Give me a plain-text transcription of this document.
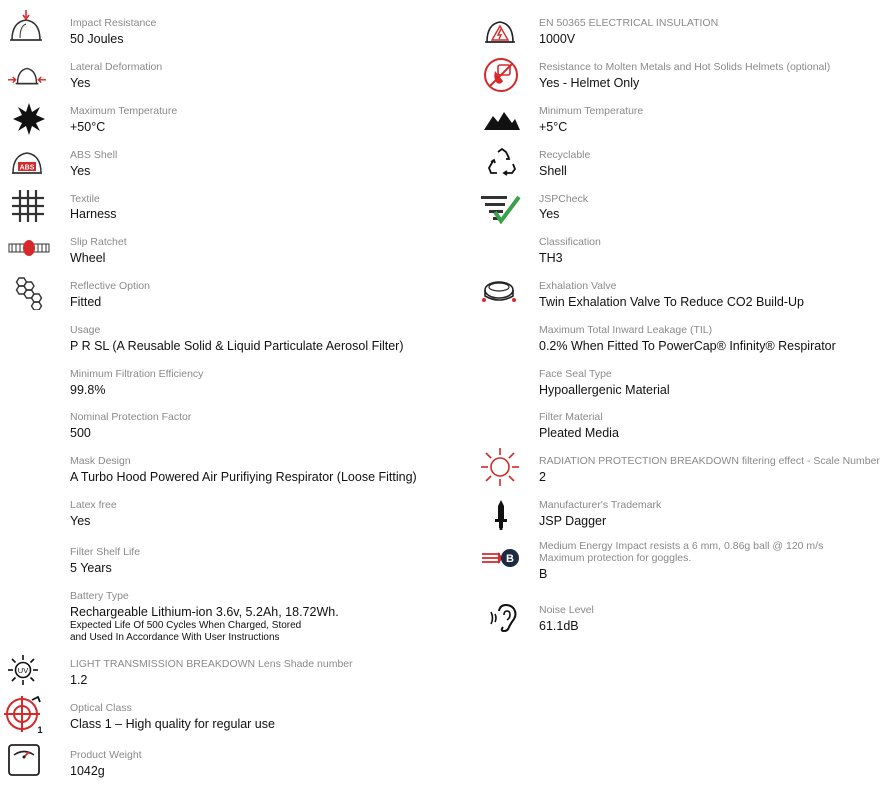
Impact Resistance
50 Joules
Lateral Deformation
Yes
Maximum Temperature
+50°C
ABS
ABS Shell
Yes
Textile
Harness
Slip Ratchet
Wheel
Reflective Option
Fitted
Usage
P R SL (A Reusable Solid & Liquid Particulate Aerosol Filter)
Minimum Filtration Efficiency
99.8%
Nominal Protection Factor
500
Mask Design
A Turbo Hood Powered Air Purifiying Respirator (Loose Fitting)
Latex free
Yes
Filter Shelf Life
5 Years
Battery Type
Rechargeable Lithium-ion 3.6v, 5.2Ah, 18.72Wh.
Expected Life Of 500 Cycles When Charged, Stored
and Used In Accordance With User Instructions
UV
LIGHT TRANSMISSION BREAKDOWN Lens Shade number
1.2
1
Optical Class
Class 1 – High quality for regular use
Product Weight
1042g
EN 50365 ELECTRICAL INSULATION
1000V
Resistance to Molten Metals and Hot Solids Helmets (optional)
Yes - Helmet Only
Minimum Temperature
+5°C
Recyclable
Shell
JSPCheck
Yes
Classification
TH3
Exhalation Valve
Twin Exhalation Valve To Reduce CO2 Build-Up
Maximum Total Inward Leakage (TIL)
0.2% When Fitted To PowerCap® Infinity® Respirator
Face Seal Type
Hypoallergenic Material
Filter Material
Pleated Media
RADIATION PROTECTION BREAKDOWN filtering effect - Scale Number
2
Manufacturer's Trademark
JSP Dagger
B
Medium Energy Impact resists a 6 mm, 0.86g ball @ 120 m/s
Maximum protection for goggles.
B
Noise Level
61.1dB
